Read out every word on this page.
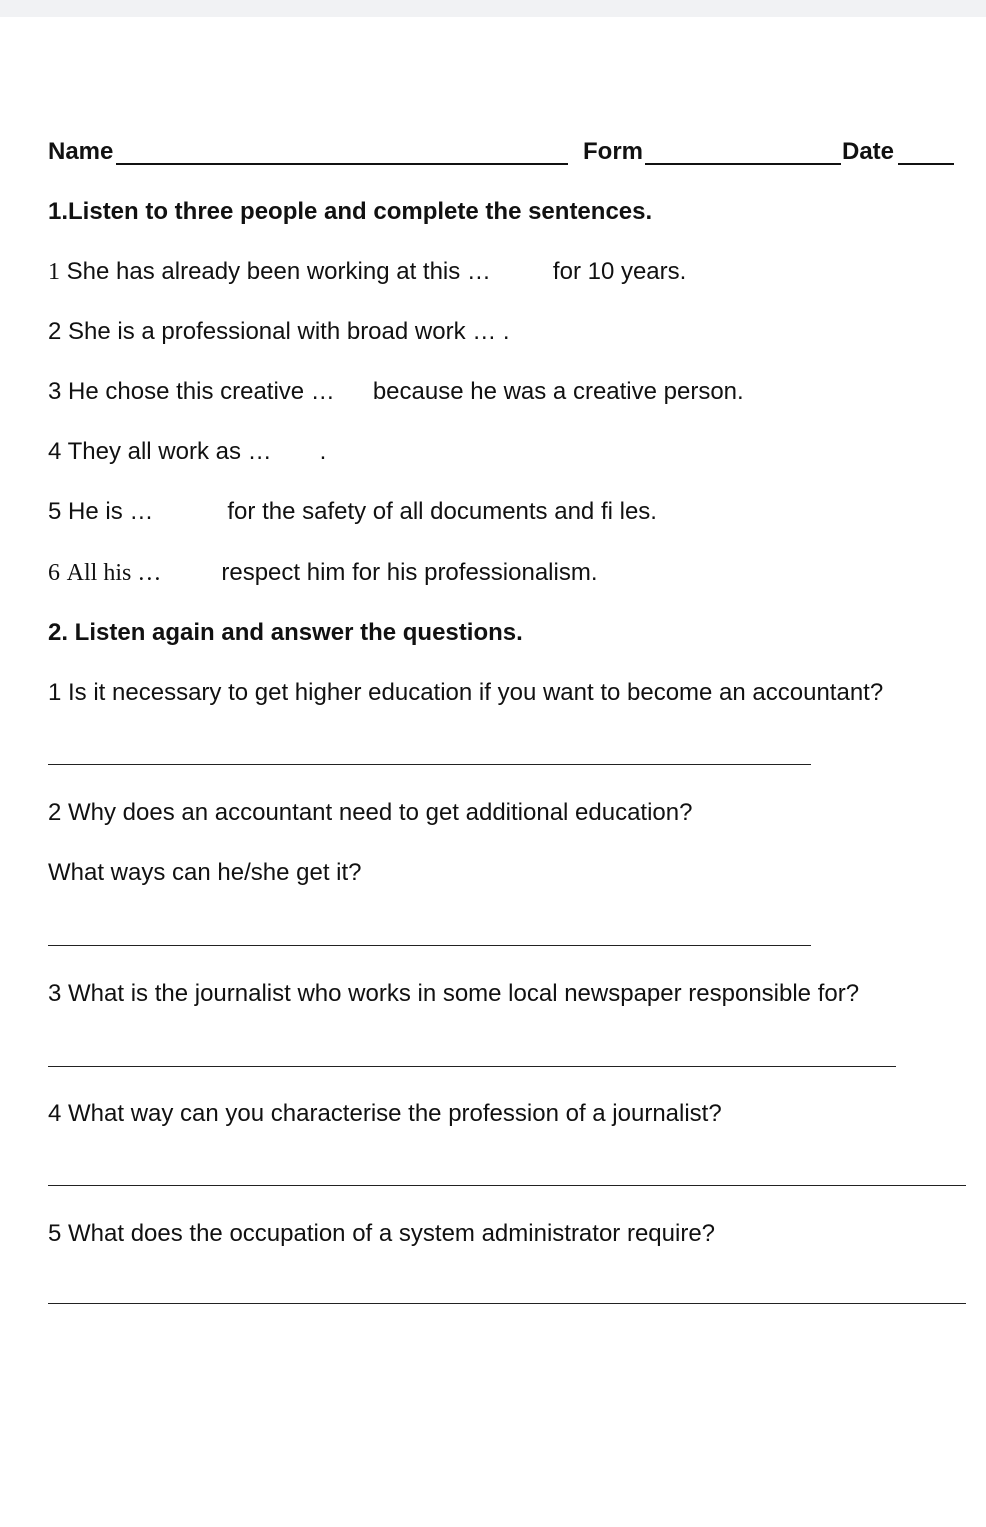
Name	Form	Date
1.Listen to three people and complete the sentences.
1 She has already been working at this …	for 10 years.
2 She is a professional with broad work … .
3 He chose this creative … because he was a creative person.
4 They all work as … .
5 He is …	for the safety of all documents and fi les.
6 All his …	respect him for his professionalism.
2. Listen again and answer the questions.
1 Is it necessary to get higher education if you want to become an accountant?
2 Why does an accountant need to get additional education?
What ways can he/she get it?
3 What is the journalist who works in some local newspaper responsible for?
4 What way can you characterise the profession of a journalist?
5 What does the occupation of a system administrator require?
